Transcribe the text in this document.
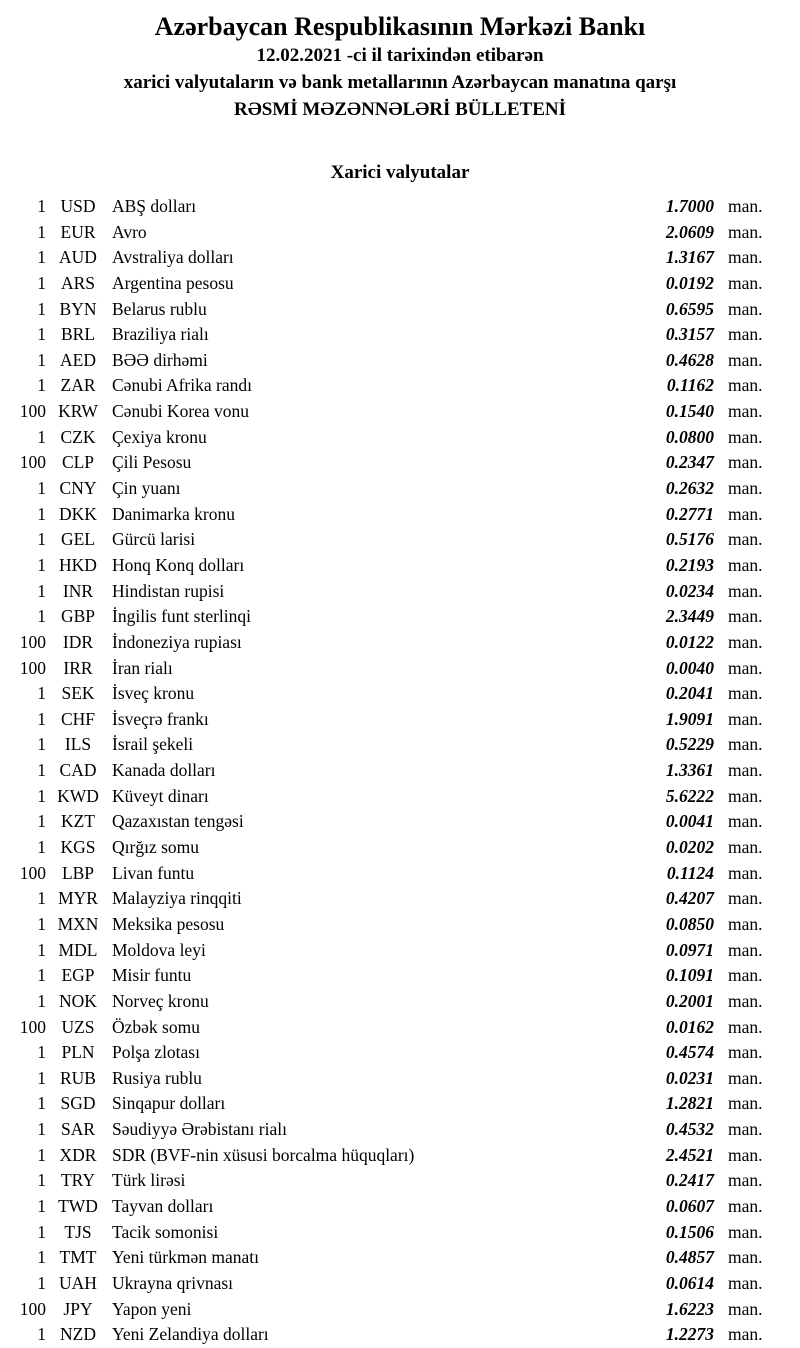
Azərbaycan Respublikasının Mərkəzi Bankı
12.02.2021 -ci il tarixindən etibarən
xarici valyutaların və bank metallarının Azərbaycan manatına qarşı
RƏSMİ MƏZƏNNƏLƏRİ BÜLLETENİ
Xarici valyutalar
1 USD ABŞ dolları	1.7000 man.
1 EUR Avro	2.0609 man.
1 AUD Avstraliya dolları	1.3167 man.
1 ARS Argentina pesosu	0.0192 man.
1 BYN Belarus rublu	0.6595 man.
1 BRL Braziliya rialı	0.3157 man.
1 AED BƏƏ dirhəmi	0.4628 man.
1 ZAR Cənubi Afrika randı	0.1162 man.
100 KRW Cənubi Korea vonu	0.1540 man.
1 CZK Çexiya kronu	0.0800 man.
100 CLP	Çili Pesosu	0.2347 man.
1 CNY Çin yuanı	0.2632 man.
1 DKK Danimarka kronu	0.2771 man.
1 GEL Gürcü larisi	0.5176 man.
1 HKD Honq Konq dolları	0.2193 man.
1 INR	Hindistan rupisi	0.0234 man.
1 GBP İngilis funt sterlinqi	2.3449 man.
100 IDR	İndoneziya rupiası	0.0122 man.
100 IRR	İran rialı	0.0040 man.
1 SEK İsveç kronu	0.2041 man.
1 CHF İsveçrə frankı	1.9091 man.
1	ILS	İsrail şekeli	0.5229 man.
1 CAD Kanada dolları	1.3361 man.
1 KWD Küveyt dinarı	5.6222 man.
1 KZT Qazaxıstan tengəsi	0.0041 man.
1 KGS Qırğız somu	0.0202 man.
100 LBP	Livan funtu	0.1124 man.
1 MYR Malayziya rinqqiti	0.4207 man.
1 MXN Meksika pesosu	0.0850 man.
1 MDL Moldova leyi	0.0971 man.
1 EGP Misir funtu	0.1091 man.
1 NOK Norveç kronu	0.2001 man.
100 UZS Özbək somu	0.0162 man.
1 PLN Polşa zlotası	0.4574 man.
1 RUB Rusiya rublu	0.0231 man.
1 SGD Sinqapur dolları	1.2821 man.
1 SAR Səudiyyə Ərəbistanı rialı	0.4532 man.
1 XDR SDR (BVF-nin xüsusi borcalma hüquqları)	2.4521 man.
1 TRY Türk lirəsi	0.2417 man.
1 TWD Tayvan dolları	0.0607 man.
1	TJS	Tacik somonisi	0.1506 man.
1 TMT Yeni türkmən manatı	0.4857 man.
1 UAH Ukrayna qrivnası	0.0614 man.
100 JPY	Yapon yeni	1.6223 man.
1 NZD Yeni Zelandiya dolları	1.2273 man.
